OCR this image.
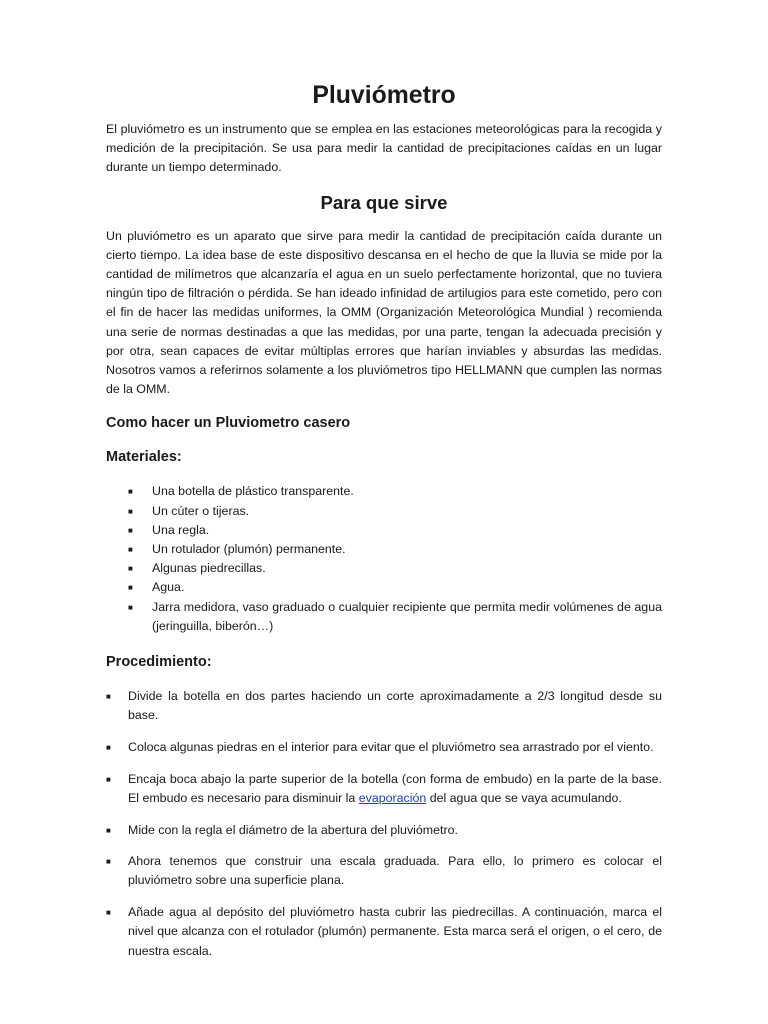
Pluviómetro

El pluviómetro es un instrumento que se emplea en las estaciones meteorológicas para la recogida y medición de la precipitación. Se usa para medir la cantidad de precipitaciones caídas en un lugar durante un tiempo determinado.

Para que sirve

Un pluviómetro es un aparato que sirve para medir la cantidad de precipitación caída durante un cierto tiempo. La idea base de este dispositivo descansa en el hecho de que la lluvia se mide por la cantidad de milímetros que alcanzaría el agua en un suelo perfectamente horizontal, que no tuviera ningún tipo de filtración o pérdida. Se han ideado infinidad de artilugios para este cometido, pero con el fin de hacer las medidas uniformes, la OMM (Organización Meteorológica Mundial ) recomienda una serie de normas destinadas a que las medidas, por una parte, tengan la adecuada precisión y por otra, sean capaces de evitar múltiplas errores que harían inviables y absurdas las medidas. Nosotros vamos a referirnos solamente a los pluviómetros tipo HELLMANN que cumplen las normas de la OMM.

Como hacer un Pluviometro casero
Materiales:
■ Una botella de plástico transparente.
■ Un cúter o tijeras.
■ Una regla.
■ Un rotulador (plumón) permanente.
■ Algunas piedrecillas.
■ Agua.
■ Jarra medidora, vaso graduado o cualquier recipiente que permita medir volúmenes de agua (jeringuilla, biberón…)
Procedimiento:
■ Divide la botella en dos partes haciendo un corte aproximadamente a 2/3 longitud desde su base.
■ Coloca algunas piedras en el interior para evitar que el pluviómetro sea arrastrado por el viento.
■ Encaja boca abajo la parte superior de la botella (con forma de embudo) en la parte de la base. El embudo es necesario para disminuir la evaporación del agua que se vaya acumulando.
■ Mide con la regla el diámetro de la abertura del pluviómetro.
■ Ahora tenemos que construir una escala graduada. Para ello, lo primero es colocar el pluviómetro sobre una superficie plana.
■ Añade agua al depósito del pluviómetro hasta cubrir las piedrecillas. A continuación, marca el nivel que alcanza con el rotulador (plumón) permanente. Esta marca será el origen, o el cero, de nuestra escala.
